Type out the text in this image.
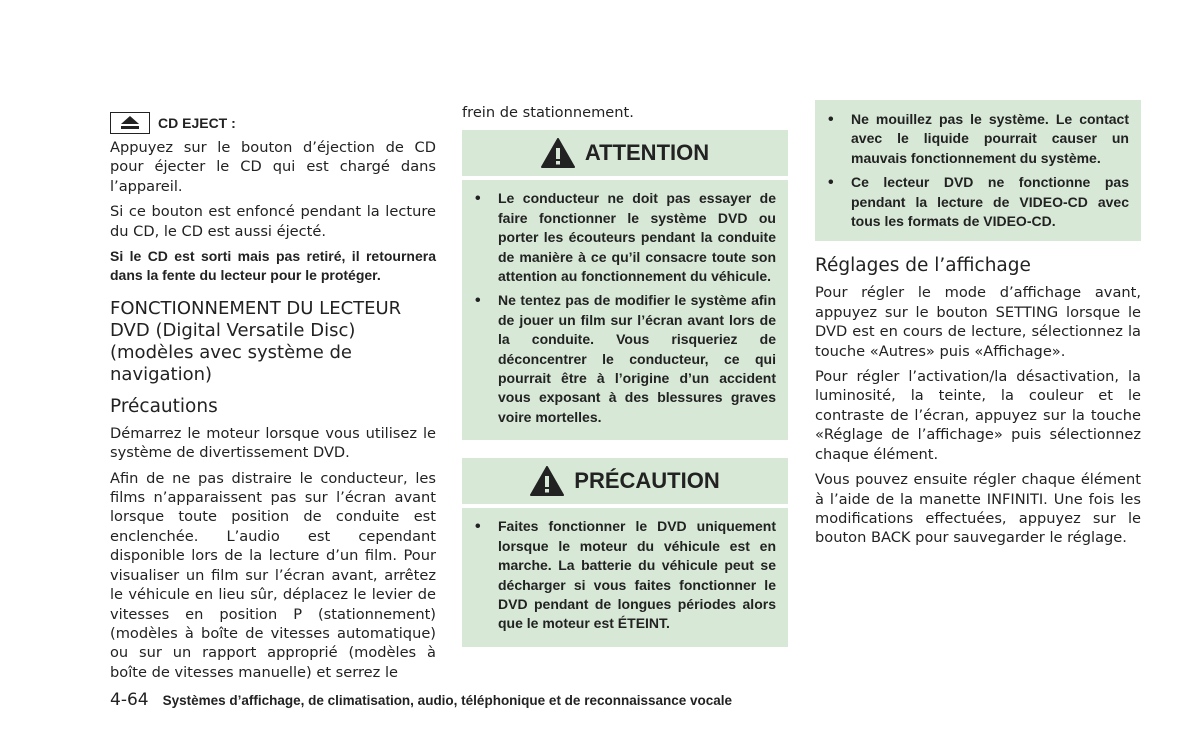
CD EJECT :

Appuyez sur le bouton d’éjection de CD pour éjecter le CD qui est chargé dans l’appareil.

Si ce bouton est enfoncé pendant la lecture du CD, le CD est aussi éjecté.

Si le CD est sorti mais pas retiré, il retournera dans la fente du lecteur pour le protéger.

FONCTIONNEMENT DU LECTEUR DVD (Digital Versatile Disc) (modèles avec système de navigation)
Précautions

Démarrez le moteur lorsque vous utilisez le système de divertissement DVD.

Afin de ne pas distraire le conducteur, les films n’apparaissent pas sur l’écran avant lorsque toute position de conduite est enclenchée. L’audio est cependant disponible lors de la lecture d’un film. Pour visualiser un film sur l’écran avant, arrêtez le véhicule en lieu sûr, déplacez le levier de vitesses en position P (stationnement) (modèles à boîte de vitesses automatique) ou sur un rapport approprié (modèles à boîte de vitesses manuelle) et serrez le

frein de stationnement.

ATTENTION
• Le conducteur ne doit pas essayer de faire fonctionner le système DVD ou porter les écouteurs pendant la conduite de manière à ce qu’il consacre toute son attention au fonctionnement du véhicule.
• Ne tentez pas de modifier le système afin de jouer un film sur l’écran avant lors de la conduite. Vous risqueriez de déconcentrer le conducteur, ce qui pourrait être à l’origine d’un accident vous exposant à des blessures graves voire mortelles.
PRÉCAUTION
• Faites fonctionner le DVD uniquement lorsque le moteur du véhicule est en marche. La batterie du véhicule peut se décharger si vous faites fonctionner le DVD pendant de longues périodes alors que le moteur est ÉTEINT.
• Ne mouillez pas le système. Le contact avec le liquide pourrait causer un mauvais fonctionnement du système.
• Ce lecteur DVD ne fonctionne pas pendant la lecture de VIDEO-CD avec tous les formats de VIDEO-CD.
Réglages de l’affichage

Pour régler le mode d’affichage avant, appuyez sur le bouton SETTING lorsque le DVD est en cours de lecture, sélectionnez la touche «Autres» puis «Affichage».

Pour régler l’activation/la désactivation, la luminosité, la teinte, la couleur et le contraste de l’écran, appuyez sur la touche «Réglage de l’affichage» puis sélectionnez chaque élément.

Vous pouvez ensuite régler chaque élément à l’aide de la manette INFINITI. Une fois les modifications effectuées, appuyez sur le bouton BACK pour sauvegarder le réglage.

4-64 Systèmes d’affichage, de climatisation, audio, téléphonique et de reconnaissance vocale
